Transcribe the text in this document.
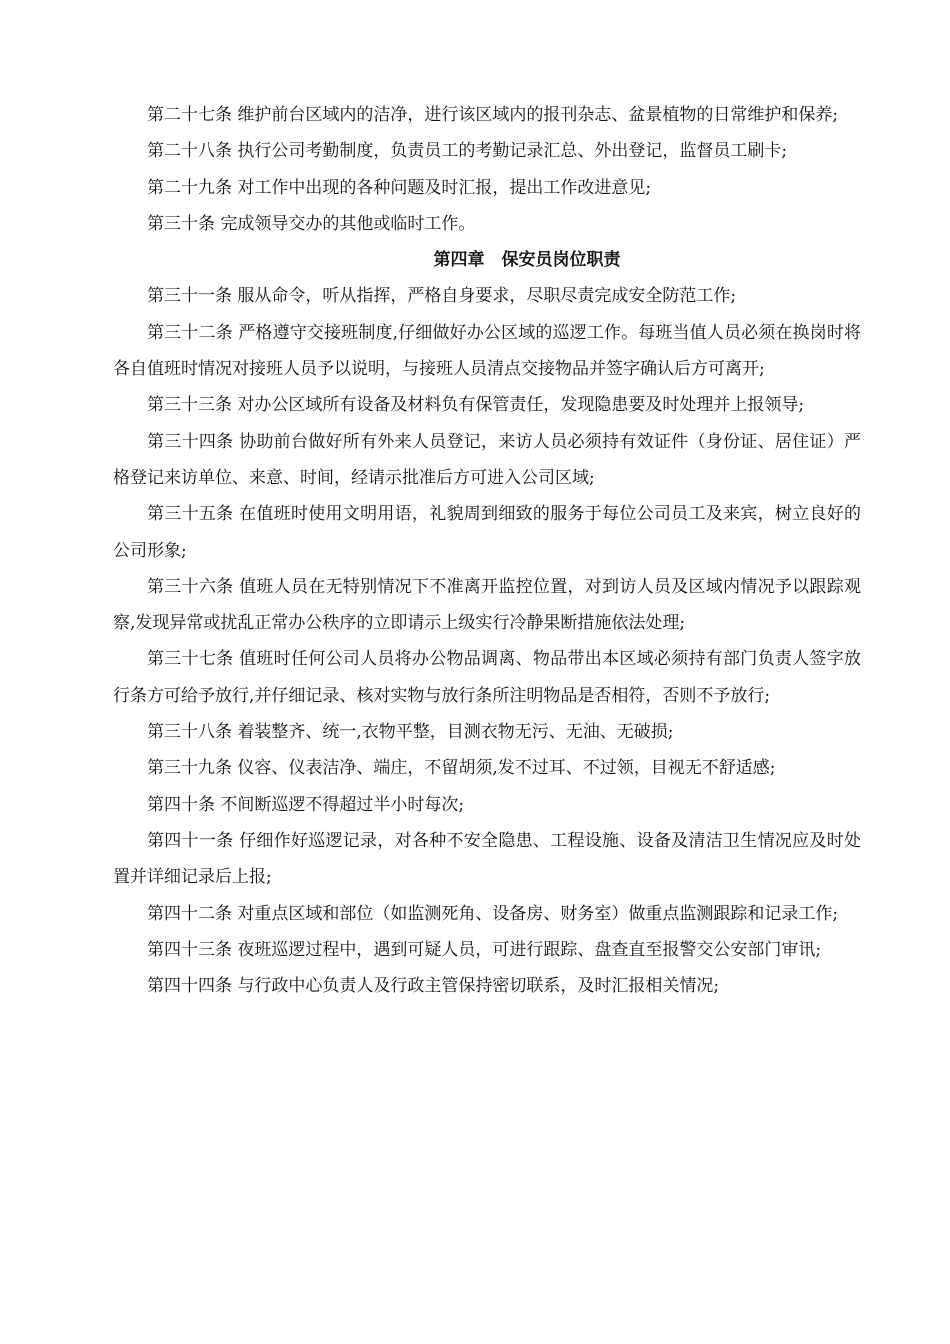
第二十七条 维护前台区域内的洁净，进行该区域内的报刊杂志、盆景植物的日常维护和保养;

第二十八条 执行公司考勤制度，负责员工的考勤记录汇总、外出登记，监督员工刷卡;

第二十九条 对工作中出现的各种问题及时汇报，提出工作改进意见;

第三十条 完成领导交办的其他或临时工作。

第四章　保安员岗位职责

第三十一条 服从命令，听从指挥，严格自身要求，尽职尽责完成安全防范工作;

第三十二条 严格遵守交接班制度,仔细做好办公区域的巡逻工作。每班当值人员必须在换岗时将各自值班时情况对接班人员予以说明，与接班人员清点交接物品并签字确认后方可离开;

第三十三条 对办公区域所有设备及材料负有保管责任，发现隐患要及时处理并上报领导;

第三十四条 协助前台做好所有外来人员登记，来访人员必须持有效证件（身份证、居住证）严格登记来访单位、来意、时间，经请示批准后方可进入公司区域;

第三十五条 在值班时使用文明用语，礼貌周到细致的服务于每位公司员工及来宾，树立良好的公司形象;

第三十六条 值班人员在无特别情况下不准离开监控位置，对到访人员及区域内情况予以跟踪观察,发现异常或扰乱正常办公秩序的立即请示上级实行冷静果断措施依法处理;

第三十七条 值班时任何公司人员将办公物品调离、物品带出本区域必须持有部门负责人签字放行条方可给予放行,并仔细记录、核对实物与放行条所注明物品是否相符，否则不予放行;

第三十八条 着装整齐、统一,衣物平整，目测衣物无污、无油、无破损;

第三十九条 仪容、仪表洁净、端庄，不留胡须,发不过耳、不过领，目视无不舒适感;

第四十条 不间断巡逻不得超过半小时每次;

第四十一条 仔细作好巡逻记录，对各种不安全隐患、工程设施、设备及清洁卫生情况应及时处置并详细记录后上报;

第四十二条 对重点区域和部位（如监测死角、设备房、财务室）做重点监测跟踪和记录工作;

第四十三条 夜班巡逻过程中，遇到可疑人员，可进行跟踪、盘查直至报警交公安部门审讯;

第四十四条 与行政中心负责人及行政主管保持密切联系，及时汇报相关情况;
